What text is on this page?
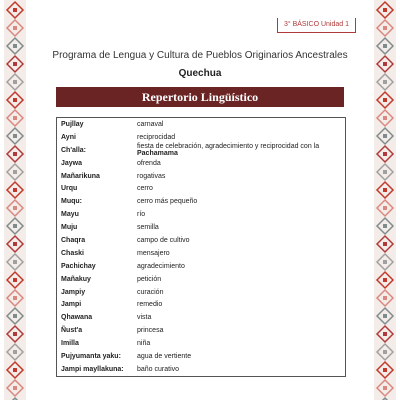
3° BÁSICO Unidad 1
Programa de Lengua y Cultura de Pueblos Originarios Ancestrales
Quechua
Repertorio Lingüístico
Pujllay	carnaval
Ayni	reciprocidad
Ch'alla:	fiesta de celebración, agradecimiento y reciprocidad con la Pachamama
Jaywa	ofrenda
Mañarikuna	rogativas
Urqu	cerro
Muqu:	cerro más pequeño
Mayu	río
Muju	semilla
Chaqra	campo de cultivo
Chaski	mensajero
Pachichay	agradecimiento
Mañakuy	petición
Jampiy	curación
Jampi	remedio
Qhawana	vista
Ñust'a	princesa
Imilla	niña
Pujyumanta yaku:	agua de vertiente
Jampi mayllakuna:	baño curativo
